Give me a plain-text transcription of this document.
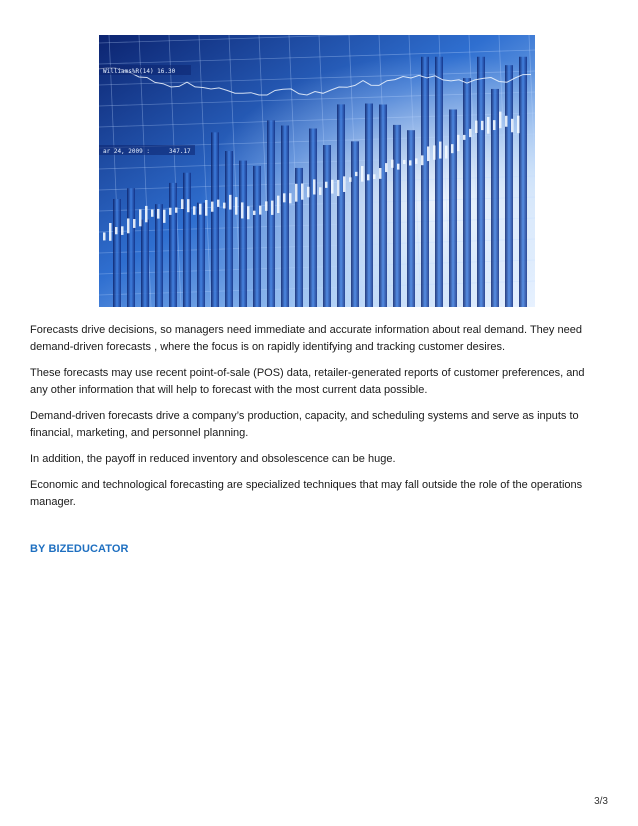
Williams%R(14) 16.30
ar 24, 2009 :	347.17

Forecasts drive decisions, so managers need immediate and accurate information about real demand. They need demand-driven forecasts , where the focus is on rapidly identifying and tracking customer desires.

These forecasts may use recent point-of-sale (POS) data, retailer-generated reports of customer preferences, and any other information that will help to forecast with the most current data possible.

Demand-driven forecasts drive a company’s production, capacity, and scheduling systems and serve as inputs to financial, marketing, and personnel planning.

In addition, the payoff in reduced inventory and obsolescence can be huge.

Economic and technological forecasting are specialized techniques that may fall outside the role of the operations manager.

BY BIZEDUCATOR
3/3
